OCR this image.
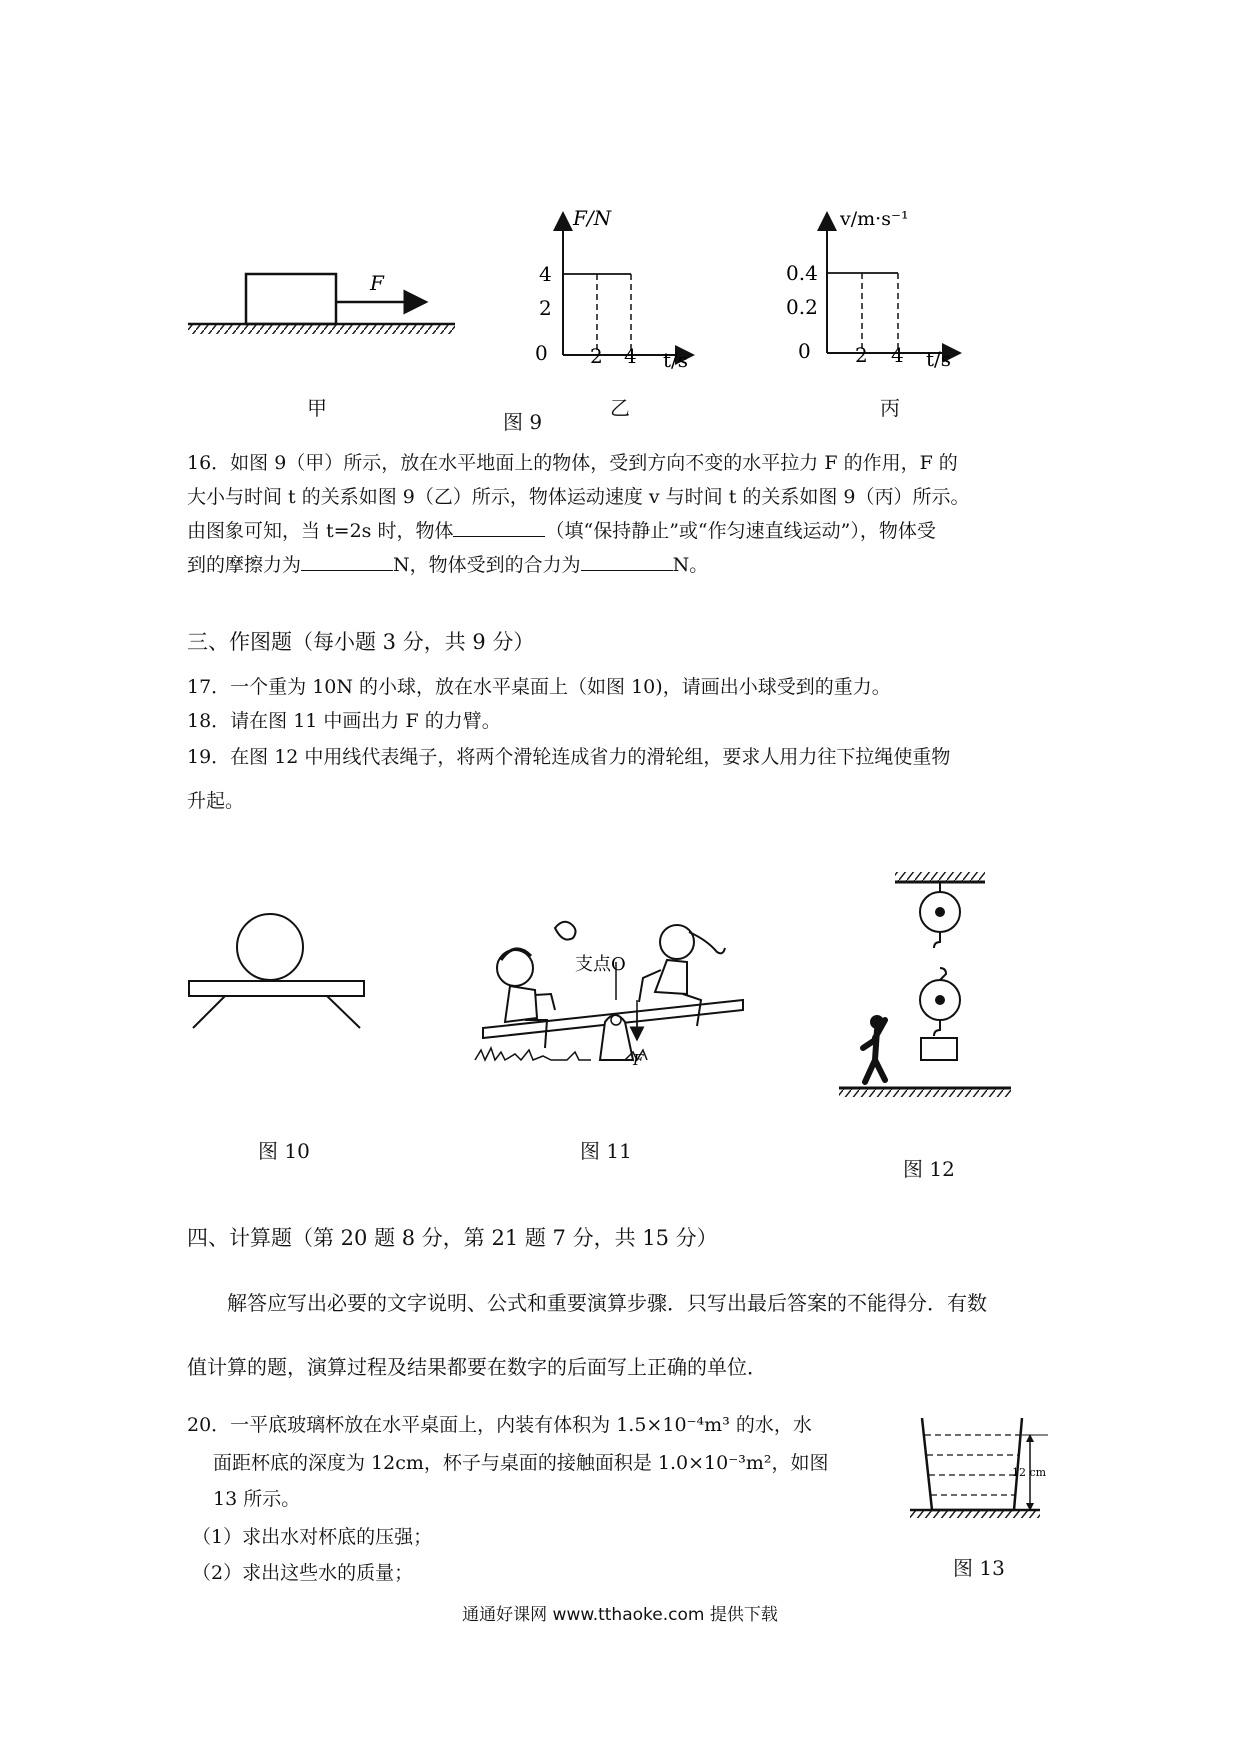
F
甲
F/N
4
2
0 2 4 t/s
图 9
乙
v/m·s⁻¹
0.4
0.2
0 2 4 t/s
丙
16．如图 9（甲）所示，放在水平地面上的物体，受到方向不变的水平拉力 F 的作用，F 的
大小与时间 t 的关系如图 9（乙）所示，物体运动速度 v 与时间 t 的关系如图 9（丙）所示。
由图象可知，当 t=2s 时，物体	（填“保持静止”或“作匀速直线运动”），物体受
到的摩擦力为	N，物体受到的合力为	N。
三、作图题（每小题 3 分，共 9 分）
17．一个重为 10N 的小球，放在水平桌面上（如图 10)，请画出小球受到的重力。
18．请在图 11 中画出力 F 的力臂。
19．在图 12 中用线代表绳子，将两个滑轮连成省力的滑轮组，要求人用力往下拉绳使重物
升起。
图 10
支点O
F
图 11
图 12
四、计算题（第 20 题 8 分，第 21 题 7 分，共 15 分）
解答应写出必要的文字说明、公式和重要演算步骤．只写出最后答案的不能得分．有数
值计算的题，演算过程及结果都要在数字的后面写上正确的单位．
20．一平底玻璃杯放在水平桌面上，内装有体积为 1.5×10⁻⁴m³ 的水，水
面距杯底的深度为 12cm，杯子与桌面的接触面积是 1.0×10⁻³m²，如图
13 所示。
（1）求出水对杯底的压强；
（2）求出这些水的质量；
12 cm
图 13
通通好课网 www.tthaoke.com 提供下载
